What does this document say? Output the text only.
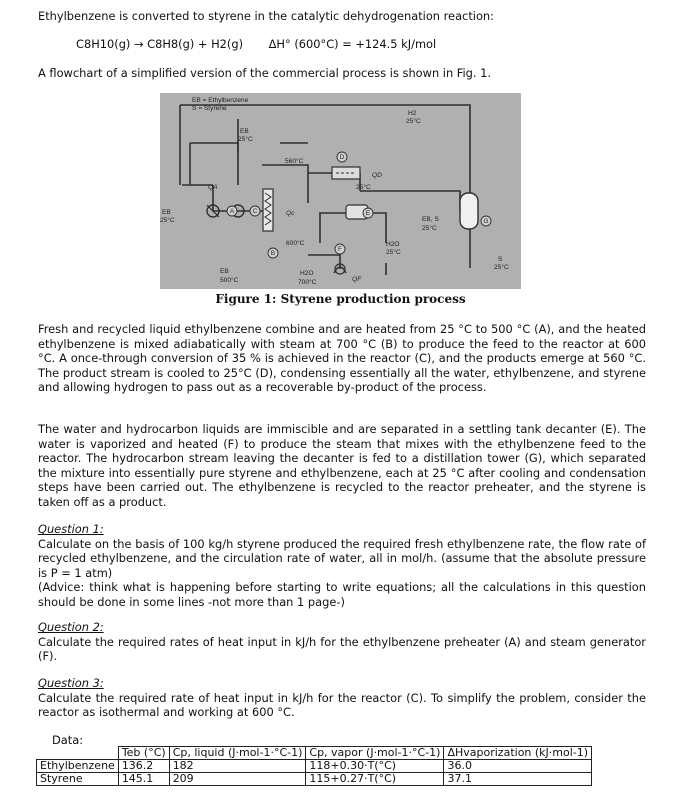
Ethylbenzene is converted to styrene in the catalytic dehydrogenation reaction:
C8H10(g) → C8H8(g) + H2(g) ΔH° (600°C) = +124.5 kJ/mol
A flowchart of a simplified version of the commercial process is shown in Fig. 1.
EB = Ethylbenzene
S = Styrene
EB
25°C
H2
25°C
560°C
25°C
EB
25°C	EB, S
25°C
600°C	H2O
25°C
S
25°C
EB
500°C
H2O
700°C
QA
Qc
QD
QF
A
B
C
D
E
F
G
Figure 1: Styrene production process
Fresh and recycled liquid ethylbenzene combine and are heated from 25 °C to 500 °C (A), and the heated ethylbenzene is mixed adiabatically with steam at 700 °C (B) to produce the feed to the reactor at 600 °C. A once-through conversion of 35 % is achieved in the reactor (C), and the products emerge at 560 °C. The product stream is cooled to 25°C (D), condensing essentially all the water, ethylbenzene, and styrene and allowing hydrogen to pass out as a recoverable by-product of the process.
The water and hydrocarbon liquids are immiscible and are separated in a settling tank decanter (E). The water is vaporized and heated (F) to produce the steam that mixes with the ethylbenzene feed to the reactor. The hydrocarbon stream leaving the decanter is fed to a distillation tower (G), which separated the mixture into essentially pure styrene and ethylbenzene, each at 25 °C after cooling and condensation steps have been carried out. The ethylbenzene is recycled to the reactor preheater, and the styrene is taken off as a product.
Question 1:
Calculate on the basis of 100 kg/h styrene produced the required fresh ethylbenzene rate, the flow rate of recycled ethylbenzene, and the circulation rate of water, all in mol/h. (assume that the absolute pressure is P = 1 atm)
(Advice: think what is happening before starting to write equations; all the calculations in this question should be done in some lines -not more than 1 page-)
Question 2:
Calculate the required rates of heat input in kJ/h for the ethylbenzene preheater (A) and steam generator (F).
Question 3:
Calculate the required rate of heat input in kJ/h for the reactor (C). To simplify the problem, consider the reactor as isothermal and working at 600 °C.
Data:
	Teb (°C)	Cp, liquid (J·mol-1·°C-1)	Cp, vapor (J·mol-1·°C-1)	ΔHvaporization (kJ·mol-1)
Ethylbenzene	136.2	182	118+0.30·T(°C)	36.0
Styrene	145.1	209	115+0.27·T(°C)	37.1
